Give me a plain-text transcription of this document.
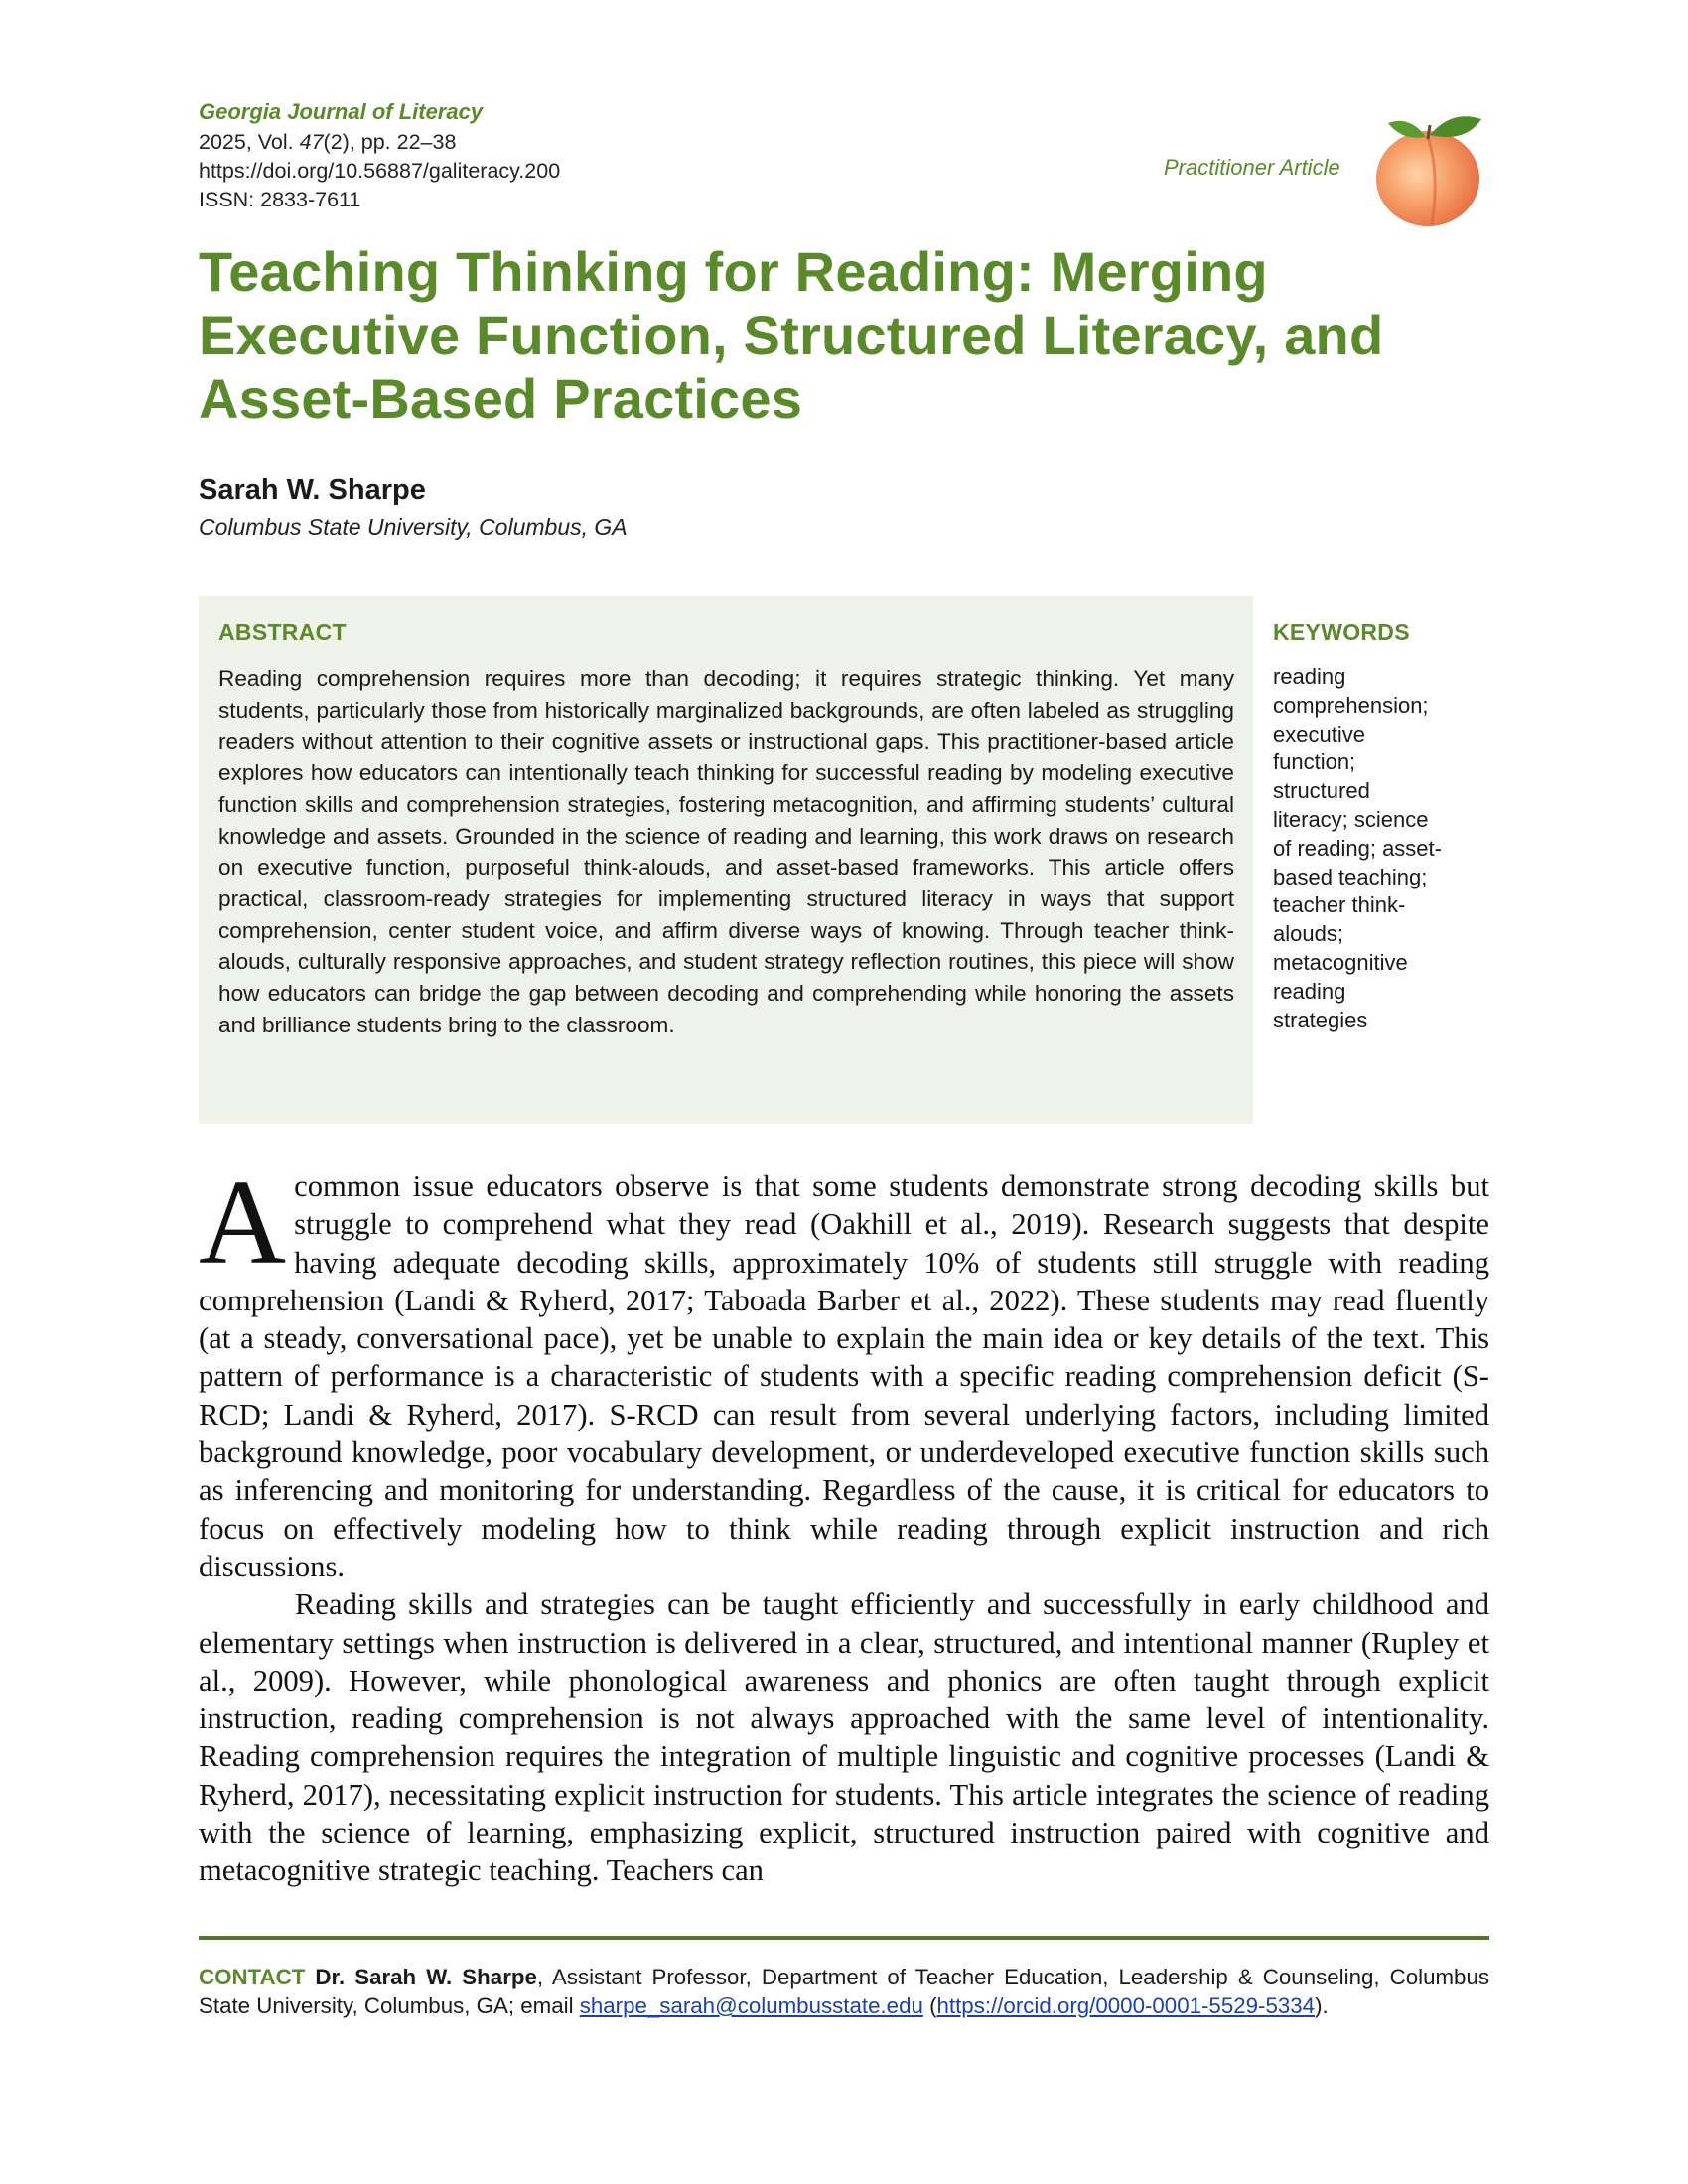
Georgia Journal of Literacy
2025, Vol. 47(2), pp. 22–38
https://doi.org/10.56887/galiteracy.200
ISSN: 2833-7611
Practitioner Article
Teaching Thinking for Reading: Merging
Executive Function, Structured Literacy, and
Asset-Based Practices
Sarah W. Sharpe
Columbus State University, Columbus, GA
ABSTRACT
Reading comprehension requires more than decoding; it requires strategic thinking. Yet many students, particularly those from historically marginalized backgrounds, are often labeled as struggling readers without attention to their cognitive assets or instructional gaps. This practitioner-based article explores how educators can intentionally teach thinking for successful reading by modeling executive function skills and comprehension strategies, fostering metacognition, and affirming students’ cultural knowledge and assets. Grounded in the science of reading and learning, this work draws on research on executive function, purposeful think-alouds, and asset-based frameworks. This article offers practical, classroom-ready strategies for implementing structured literacy in ways that support comprehension, center student voice, and affirm diverse ways of knowing. Through teacher think-alouds, culturally responsive approaches, and student strategy reflection routines, this piece will show how educators can bridge the gap between decoding and comprehending while honoring the assets and brilliance students bring to the classroom.
KEYWORDS
reading
comprehension;
executive
function;
structured
literacy; science
of reading; asset-
based teaching;
teacher think-
alouds;
metacognitive
reading
strategies

Acommon issue educators observe is that some students demonstrate strong decoding skills but struggle to comprehend what they read (Oakhill et al., 2019). Research suggests that despite having adequate decoding skills, approximately 10% of students still struggle with reading comprehension (Landi & Ryherd, 2017; Taboada Barber et al., 2022). These students may read fluently (at a steady, conversational pace), yet be unable to explain the main idea or key details of the text. This pattern of performance is a characteristic of students with a specific reading comprehension deficit (S-RCD; Landi & Ryherd, 2017). S-RCD can result from several underlying factors, including limited background knowledge, poor vocabulary development, or underdeveloped executive function skills such as inferencing and monitoring for understanding. Regardless of the cause, it is critical for educators to focus on effectively modeling how to think while reading through explicit instruction and rich discussions.

Reading skills and strategies can be taught efficiently and successfully in early childhood and elementary settings when instruction is delivered in a clear, structured, and intentional manner (Rupley et al., 2009). However, while phonological awareness and phonics are often taught through explicit instruction, reading comprehension is not always approached with the same level of intentionality. Reading comprehension requires the integration of multiple linguistic and cognitive processes (Landi & Ryherd, 2017), necessitating explicit instruction for students. This article integrates the science of reading with the science of learning, emphasizing explicit, structured instruction paired with cognitive and metacognitive strategic teaching. Teachers can

CONTACT Dr. Sarah W. Sharpe, Assistant Professor, Department of Teacher Education, Leadership & Counseling, Columbus State University, Columbus, GA; email sharpe_sarah@columbusstate.edu (https://orcid.org/0000-0001-5529-5334).
